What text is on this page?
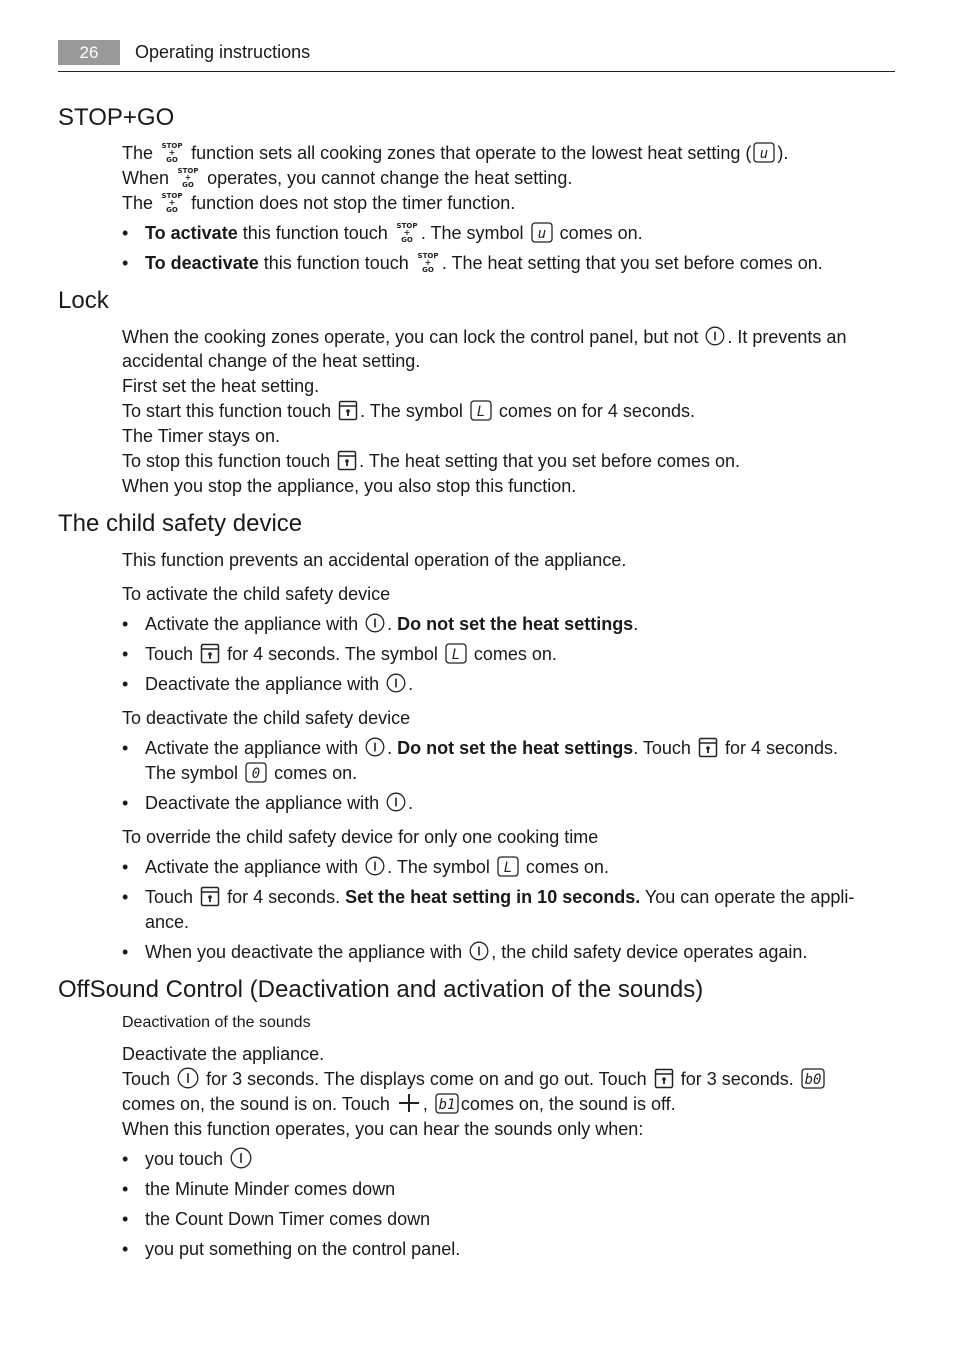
26	Operating instructions
STOP+GO
The STOP
+
GO function sets all cooking zones that operate to the lowest heat setting ( u ).
When STOP
+
GO operates, you cannot change the heat setting.
The STOP
+
GO function does not stop the timer function.
• To activate this function touch STOP
+
GO . The symbol u comes on.
• To deactivate this function touch STOP
+
GO . The heat setting that you set before comes on.
Lock
When the cooking zones operate, you can lock the control panel, but not . It prevents an
accidental change of the heat setting.
First set the heat setting.
To start this function touch . The symbol L comes on for 4 seconds.
The Timer stays on.
To stop this function touch . The heat setting that you set before comes on.
When you stop the appliance, you also stop this function.
The child safety device
This function prevents an accidental operation of the appliance.
To activate the child safety device
• Activate the appliance with . Do not set the heat settings.
• Touch for 4 seconds. The symbol L comes on.
• Deactivate the appliance with .
To deactivate the child safety device
• Activate the appliance with . Do not set the heat settings. Touch for 4 seconds.
The symbol 0 comes on.
• Deactivate the appliance with .
To override the child safety device for only one cooking time
• Activate the appliance with . The symbol L comes on.
• Touch for 4 seconds. Set the heat setting in 10 seconds. You can operate the appli-
ance.
• When you deactivate the appliance with , the child safety device operates again.
OffSound Control (Deactivation and activation of the sounds)
Deactivation of the sounds
Deactivate the appliance.
Touch for 3 seconds. The displays come on and go out. Touch for 3 seconds. b0
comes on, the sound is on. Touch , b1 comes on, the sound is off.
When this function operates, you can hear the sounds only when:
• you touch
• the Minute Minder comes down
• the Count Down Timer comes down
• you put something on the control panel.
